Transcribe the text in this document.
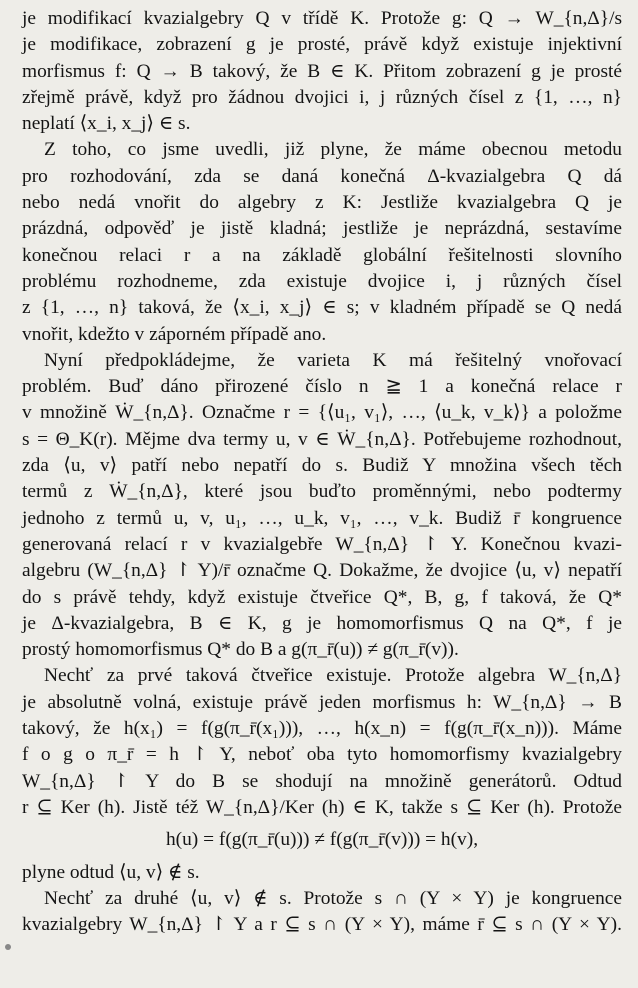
je modifikací kvazialgebry Q v třídě K. Protože g: Q → W_{n,Δ}/s
je modifikace, zobrazení g je prosté, právě když existuje injektivní
morfismus f: Q → B takový, že B ∈ K. Přitom zobrazení g je prosté
zřejmě právě, když pro žádnou dvojici i, j různých čísel z {1, …, n}
neplatí ⟨x_i, x_j⟩ ∈ s.
Z toho, co jsme uvedli, již plyne, že máme obecnou metodu
pro rozhodování, zda se daná konečná Δ-kvazialgebra Q dá
nebo nedá vnořit do algebry z K: Jestliže kvazialgebra Q je
prázdná, odpověď je jistě kladná; jestliže je neprázdná, sestavíme
konečnou relaci r a na základě globální řešitelnosti slovního
problému rozhodneme, zda existuje dvojice i, j různých čísel
z {1, …, n} taková, že ⟨x_i, x_j⟩ ∈ s; v kladném případě se Q nedá
vnořit, kdežto v záporném případě ano.
Nyní předpokládejme, že varieta K má řešitelný vnořovací
problém. Buď dáno přirozené číslo n ≧ 1 a konečná relace r
v množině Ẇ_{n,Δ}. Označme r = {⟨u₁, v₁⟩, …, ⟨u_k, v_k⟩} a položme
s = Θ_K(r). Mějme dva termy u, v ∈ Ẇ_{n,Δ}. Potřebujeme rozhodnout,
zda ⟨u, v⟩ patří nebo nepatří do s. Budiž Y množina všech těch
termů z Ẇ_{n,Δ}, které jsou buďto proměnnými, nebo podtermy
jednoho z termů u, v, u₁, …, u_k, v₁, …, v_k. Budiž r̄ kongruence
generovaná relací r v kvazialgebře W_{n,Δ} ↾ Y. Konečnou kvazi-
algebru (W_{n,Δ} ↾ Y)/r̄ označme Q. Dokažme, že dvojice ⟨u, v⟩ nepatří
do s právě tehdy, když existuje čtveřice Q*, B, g, f taková, že Q*
je Δ-kvazialgebra, B ∈ K, g je homomorfismus Q na Q*, f je
prostý homomorfismus Q* do B a g(π_r̄(u)) ≠ g(π_r̄(v)).
Nechť za prvé taková čtveřice existuje. Protože algebra W_{n,Δ}
je absolutně volná, existuje právě jeden morfismus h: W_{n,Δ} → B
takový, že h(x₁) = f(g(π_r̄(x₁))), …, h(x_n) = f(g(π_r̄(x_n))). Máme
f o g o π_r̄ = h ↾ Y, neboť oba tyto homomorfismy kvazialgebry
W_{n,Δ} ↾ Y do B se shodují na množině generátorů. Odtud
r ⊆ Ker (h). Jistě též W_{n,Δ}/Ker (h) ∈ K, takže s ⊆ Ker (h). Protože
h(u) = f(g(π_r̄(u))) ≠ f(g(π_r̄(v))) = h(v),
plyne odtud ⟨u, v⟩ ∉ s.
Nechť za druhé ⟨u, v⟩ ∉ s. Protože s ∩ (Y × Y) je kongruence
kvazialgebry W_{n,Δ} ↾ Y a r ⊆ s ∩ (Y × Y), máme r̄ ⊆ s ∩ (Y × Y).
